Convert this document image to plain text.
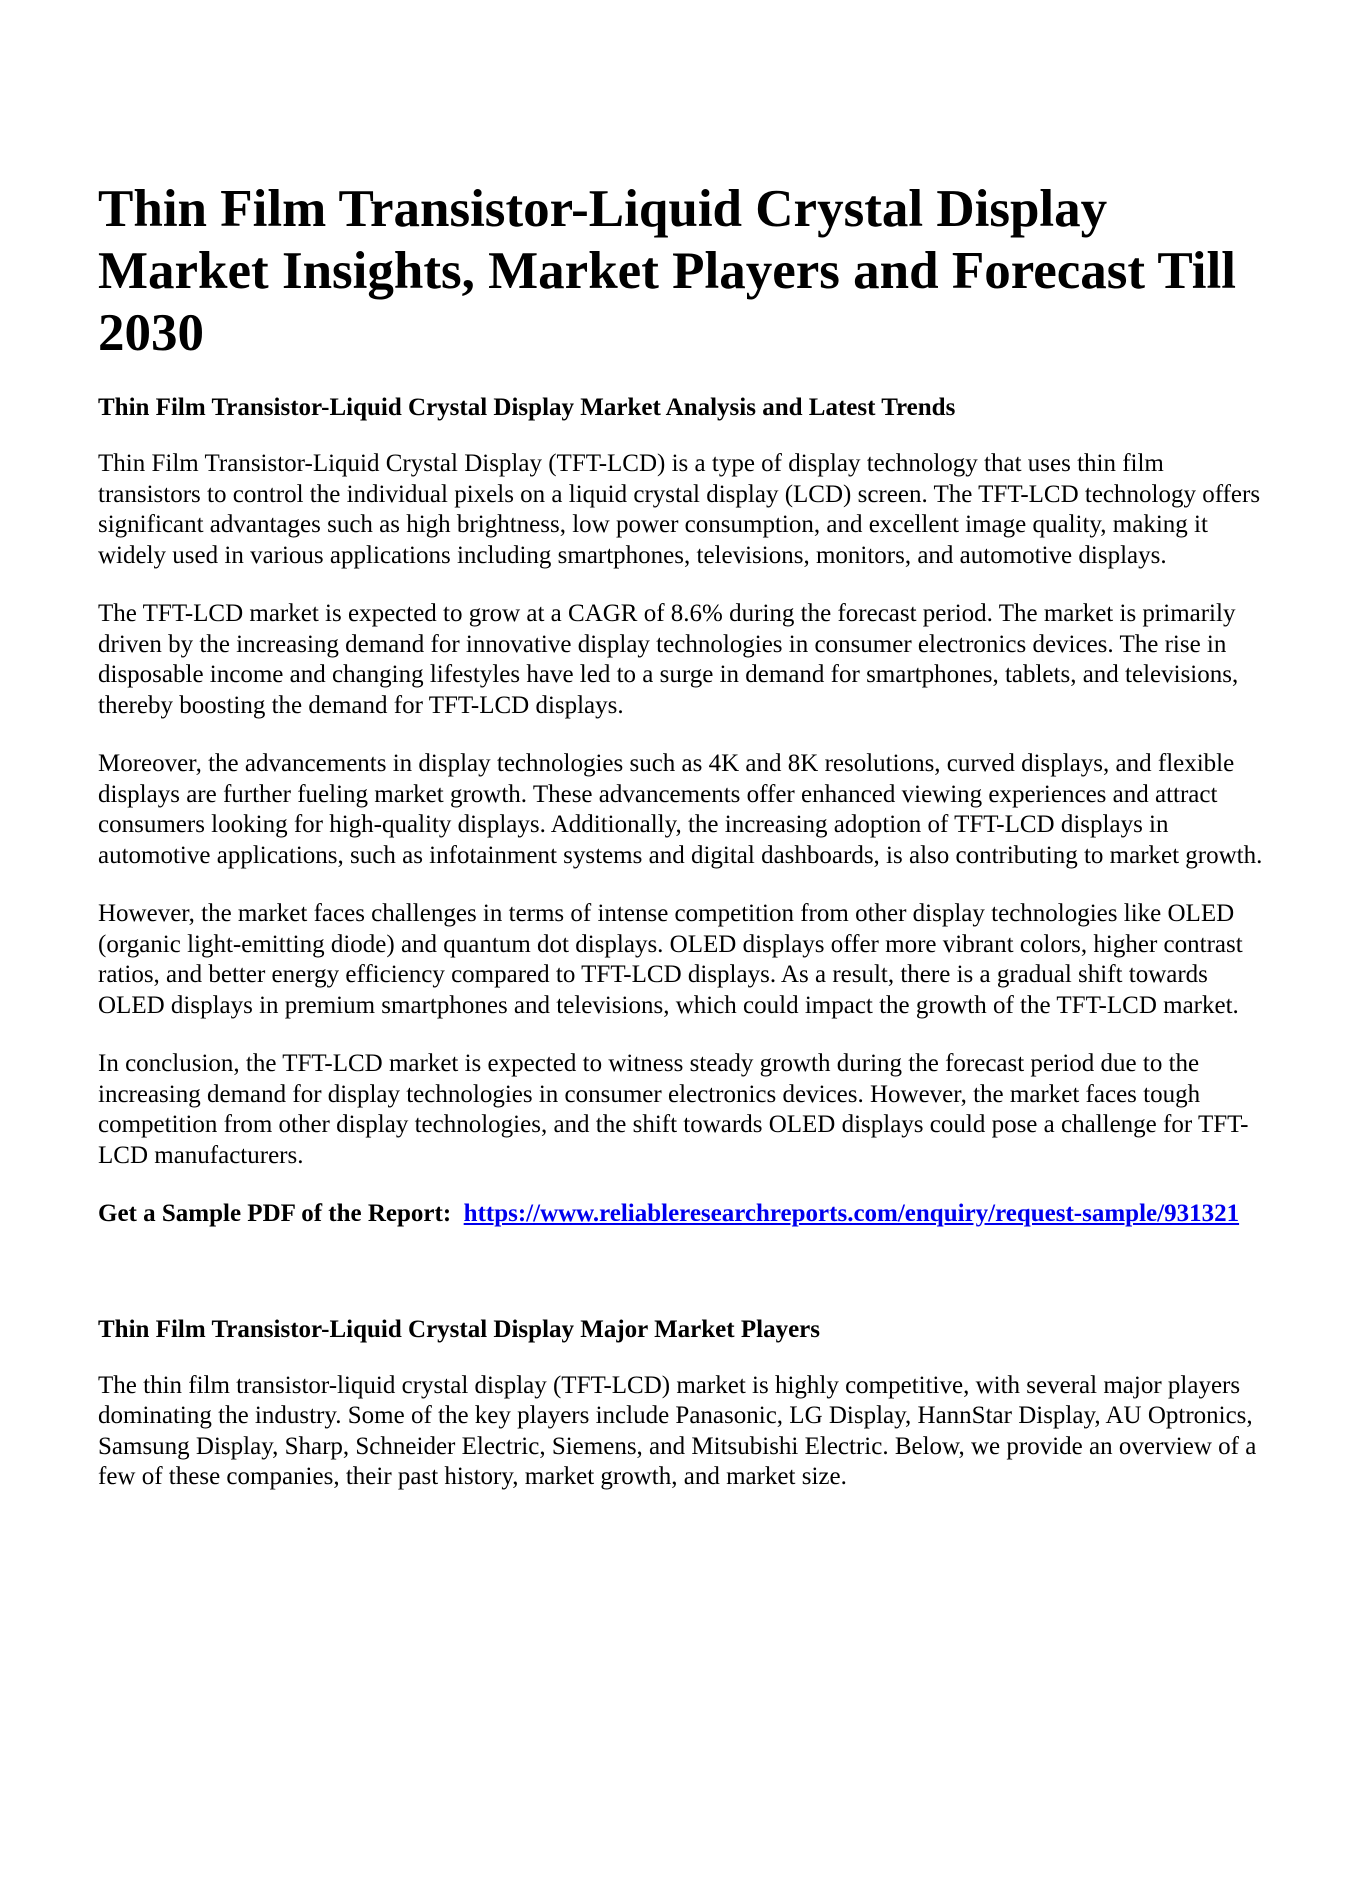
Thin Film Transistor-Liquid Crystal Display Market Insights, Market Players and Forecast Till 2030
Thin Film Transistor-Liquid Crystal Display Market Analysis and Latest Trends

Thin Film Transistor-Liquid Crystal Display (TFT-LCD) is a type of display technology that uses thin film transistors to control the individual pixels on a liquid crystal display (LCD) screen. The TFT-LCD technology offers significant advantages such as high brightness, low power consumption, and excellent image quality, making it widely used in various applications including smartphones, televisions, monitors, and automotive displays.

The TFT-LCD market is expected to grow at a CAGR of 8.6% during the forecast period. The market is primarily driven by the increasing demand for innovative display technologies in consumer electronics devices. The rise in disposable income and changing lifestyles have led to a surge in demand for smartphones, tablets, and televisions, thereby boosting the demand for TFT-LCD displays.

Moreover, the advancements in display technologies such as 4K and 8K resolutions, curved displays, and flexible displays are further fueling market growth. These advancements offer enhanced viewing experiences and attract consumers looking for high-quality displays. Additionally, the increasing adoption of TFT-LCD displays in automotive applications, such as infotainment systems and digital dashboards, is also contributing to market growth.

However, the market faces challenges in terms of intense competition from other display technologies like OLED (organic light-emitting diode) and quantum dot displays. OLED displays offer more vibrant colors, higher contrast ratios, and better energy efficiency compared to TFT-LCD displays. As a result, there is a gradual shift towards OLED displays in premium smartphones and televisions, which could impact the growth of the TFT-LCD market.

In conclusion, the TFT-LCD market is expected to witness steady growth during the forecast period due to the increasing demand for display technologies in consumer electronics devices. However, the market faces tough competition from other display technologies, and the shift towards OLED displays could pose a challenge for TFT-LCD manufacturers.

Get a Sample PDF of the Report: https://www.reliableresearchreports.com/enquiry/request-sample/931321
Thin Film Transistor-Liquid Crystal Display Major Market Players

The thin film transistor-liquid crystal display (TFT-LCD) market is highly competitive, with several major players dominating the industry. Some of the key players include Panasonic, LG Display, HannStar Display, AU Optronics, Samsung Display, Sharp, Schneider Electric, Siemens, and Mitsubishi Electric. Below, we provide an overview of a few of these companies, their past history, market growth, and market size.
